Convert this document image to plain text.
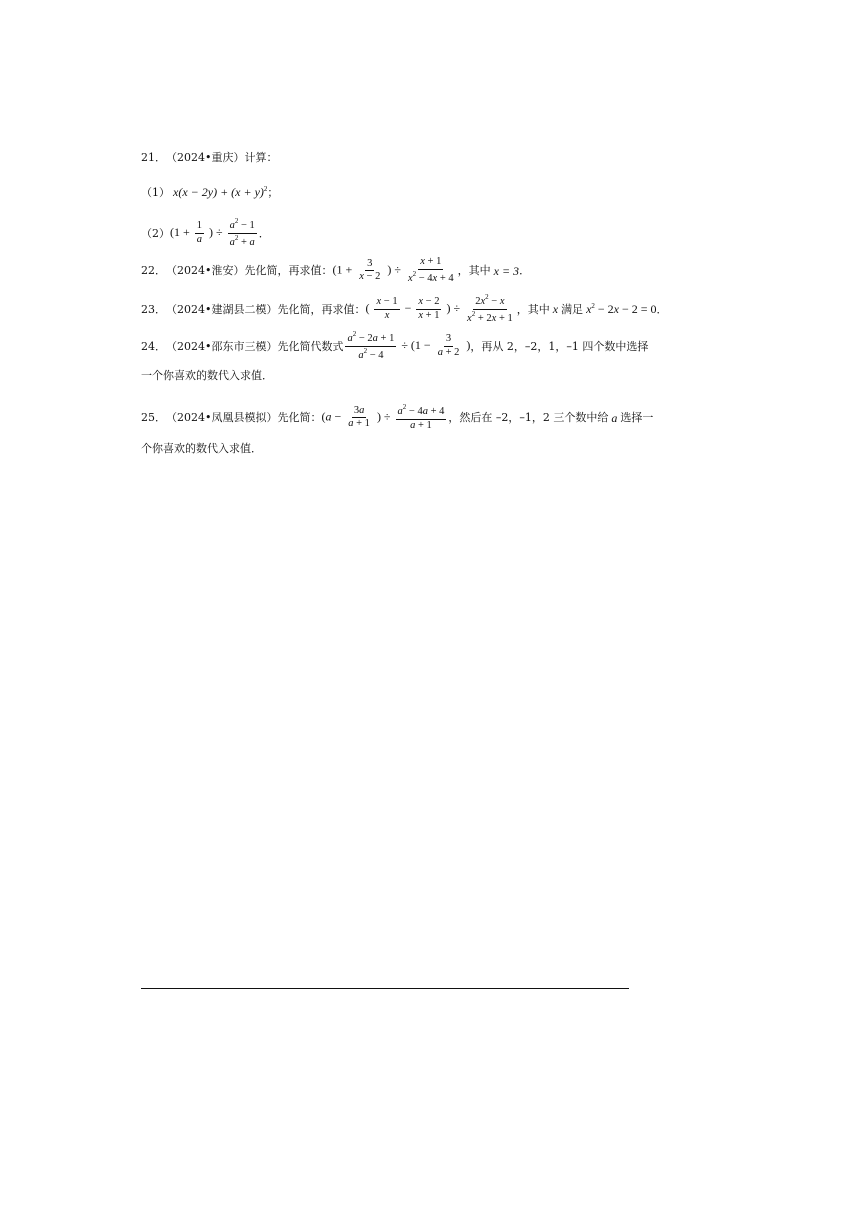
21． （2024•重庆） 计算：
（1） $x(x - 2y) + (x + y)^2$ ；
（2） ($1 + \frac{1}{a}$ ) ÷ $\frac{a^2 - 1}{a^2 + a}$ ．
22． （2024•淮安） 先化简，再求值： ($1 + \frac{3}{x - 2}$ ) ÷ $\frac{x + 1}{x^2 - 4x + 4}$ ，其中 x = 3 ．
23． （2024•建湖县二模） 先化简，再求值： ( $\frac{x - 1}{x} - \frac{x - 2}{x + 1}$ ) ÷ $\frac{2x^2 - x}{x^2 + 2x + 1}$ ，其中 x 满足 $x^2 - 2x - 2 = 0$ ．
24． （2024•邵东市三模） 先化简代数式 $\frac{a^2 - 2a + 1}{a^2 - 4} \div (1 - \frac{3}{a + 2}$ ) ，再从 2，–2，1，–1 四个数中选择
一个你喜欢的数代入求值．
25． （2024•凤凰县模拟） 先化简： ($a - \frac{3a}{a + 1}$ ) ÷ $\frac{a^2 - 4a + 4}{a + 1}$ ，然后在 –2，–1，2 三个数中给 a 选择一
个你喜欢的数代入求值．
